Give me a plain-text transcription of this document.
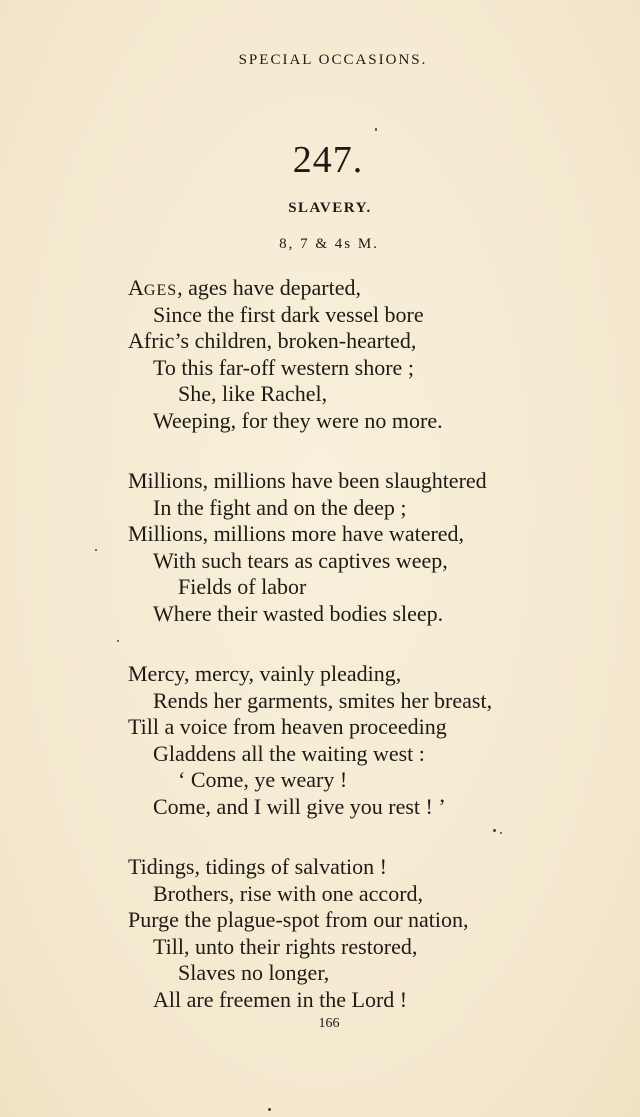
SPECIAL OCCASIONS.
247.
SLAVERY.
8, 7 & 4s M.
AGES, ages have departed,
Since the first dark vessel bore
Afric’s children, broken-hearted,
To this far-off western shore ;
She, like Rachel,
Weeping, for they were no more.
Millions, millions have been slaughtered
In the fight and on the deep ;
Millions, millions more have watered,
With such tears as captives weep,
Fields of labor
Where their wasted bodies sleep.
Mercy, mercy, vainly pleading,
Rends her garments, smites her breast,
Till a voice from heaven proceeding
Gladdens all the waiting west :
‘ Come, ye weary !
Come, and I will give you rest ! ’
Tidings, tidings of salvation !
Brothers, rise with one accord,
Purge the plague-spot from our nation,
Till, unto their rights restored,
Slaves no longer,
All are freemen in the Lord !
166
